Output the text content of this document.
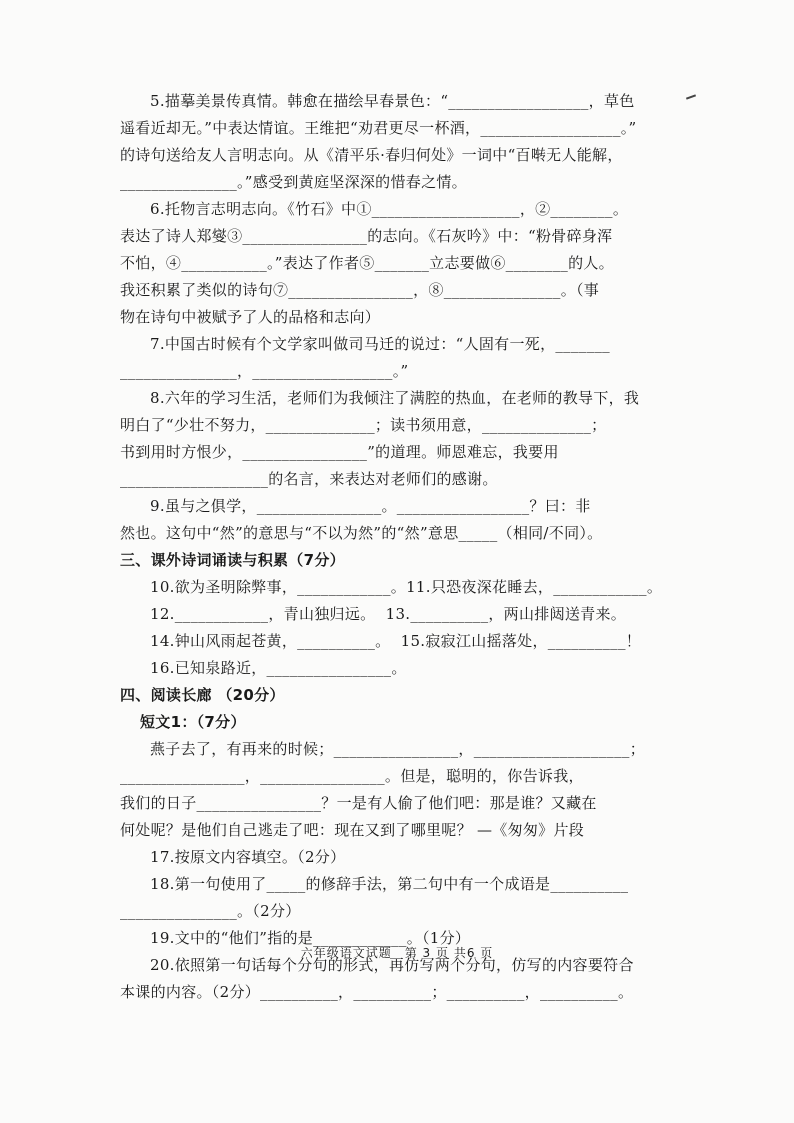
5.描摹美景传真情。韩愈在描绘早春景色：“__________________，草色

遥看近却无。”中表达情谊。王维把“劝君更尽一杯酒，__________________。”

的诗句送给友人言明志向。从《清平乐·春归何处》一词中“百啭无人能解，

_______________。”感受到黄庭坚深深的惜春之情。

6.托物言志明志向。《竹石》中①___________________，②________。

表达了诗人郑燮③________________的志向。《石灰吟》中：“粉骨碎身浑

不怕，④___________。”表达了作者⑤_______立志要做⑥________的人。

我还积累了类似的诗句⑦________________，⑧_______________。（事

物在诗句中被赋予了人的品格和志向）

7.中国古时候有个文学家叫做司马迁的说过：“人固有一死，_______

_______________，__________________。”

8.六年的学习生活，老师们为我倾注了满腔的热血，在老师的教导下，我

明白了“少壮不努力，______________；读书须用意，______________；

书到用时方恨少，________________”的道理。师恩难忘，我要用

___________________的名言，来表达对老师们的感谢。

9.虽与之俱学，________________。_________________？曰：非

然也。这句中“然”的意思与“不以为然”的“然”意思_____（相同/不同）。

三、课外诗词诵读与积累（7分）

10.欲为圣明除弊事，____________。11.只恐夜深花睡去，____________。

12.____________，青山独归远。 13.__________，两山排闼送青来。

14.钟山风雨起苍黄，__________。 15.寂寂江山摇落处，__________！

16.已知泉路近，________________。

四、阅读长廊 （20分）

短文1：（7分）

燕子去了，有再来的时候；________________，____________________；

________________，________________。但是，聪明的，你告诉我，

我们的日子________________？一是有人偷了他们吧：那是谁？又藏在

何处呢？是他们自己逃走了吧：现在又到了哪里呢？ —《匆匆》片段

17.按原文内容填空。（2分）

18.第一句使用了_____的修辞手法，第二句中有一个成语是__________

_______________。（2分）

19.文中的“他们”指的是____________。（1分）

20.依照第一句话每个分句的形式，再仿写两个分句，仿写的内容要符合

本课的内容。（2分）__________，__________；__________，__________。

六年级语文试题　第 3 页 共6 页
